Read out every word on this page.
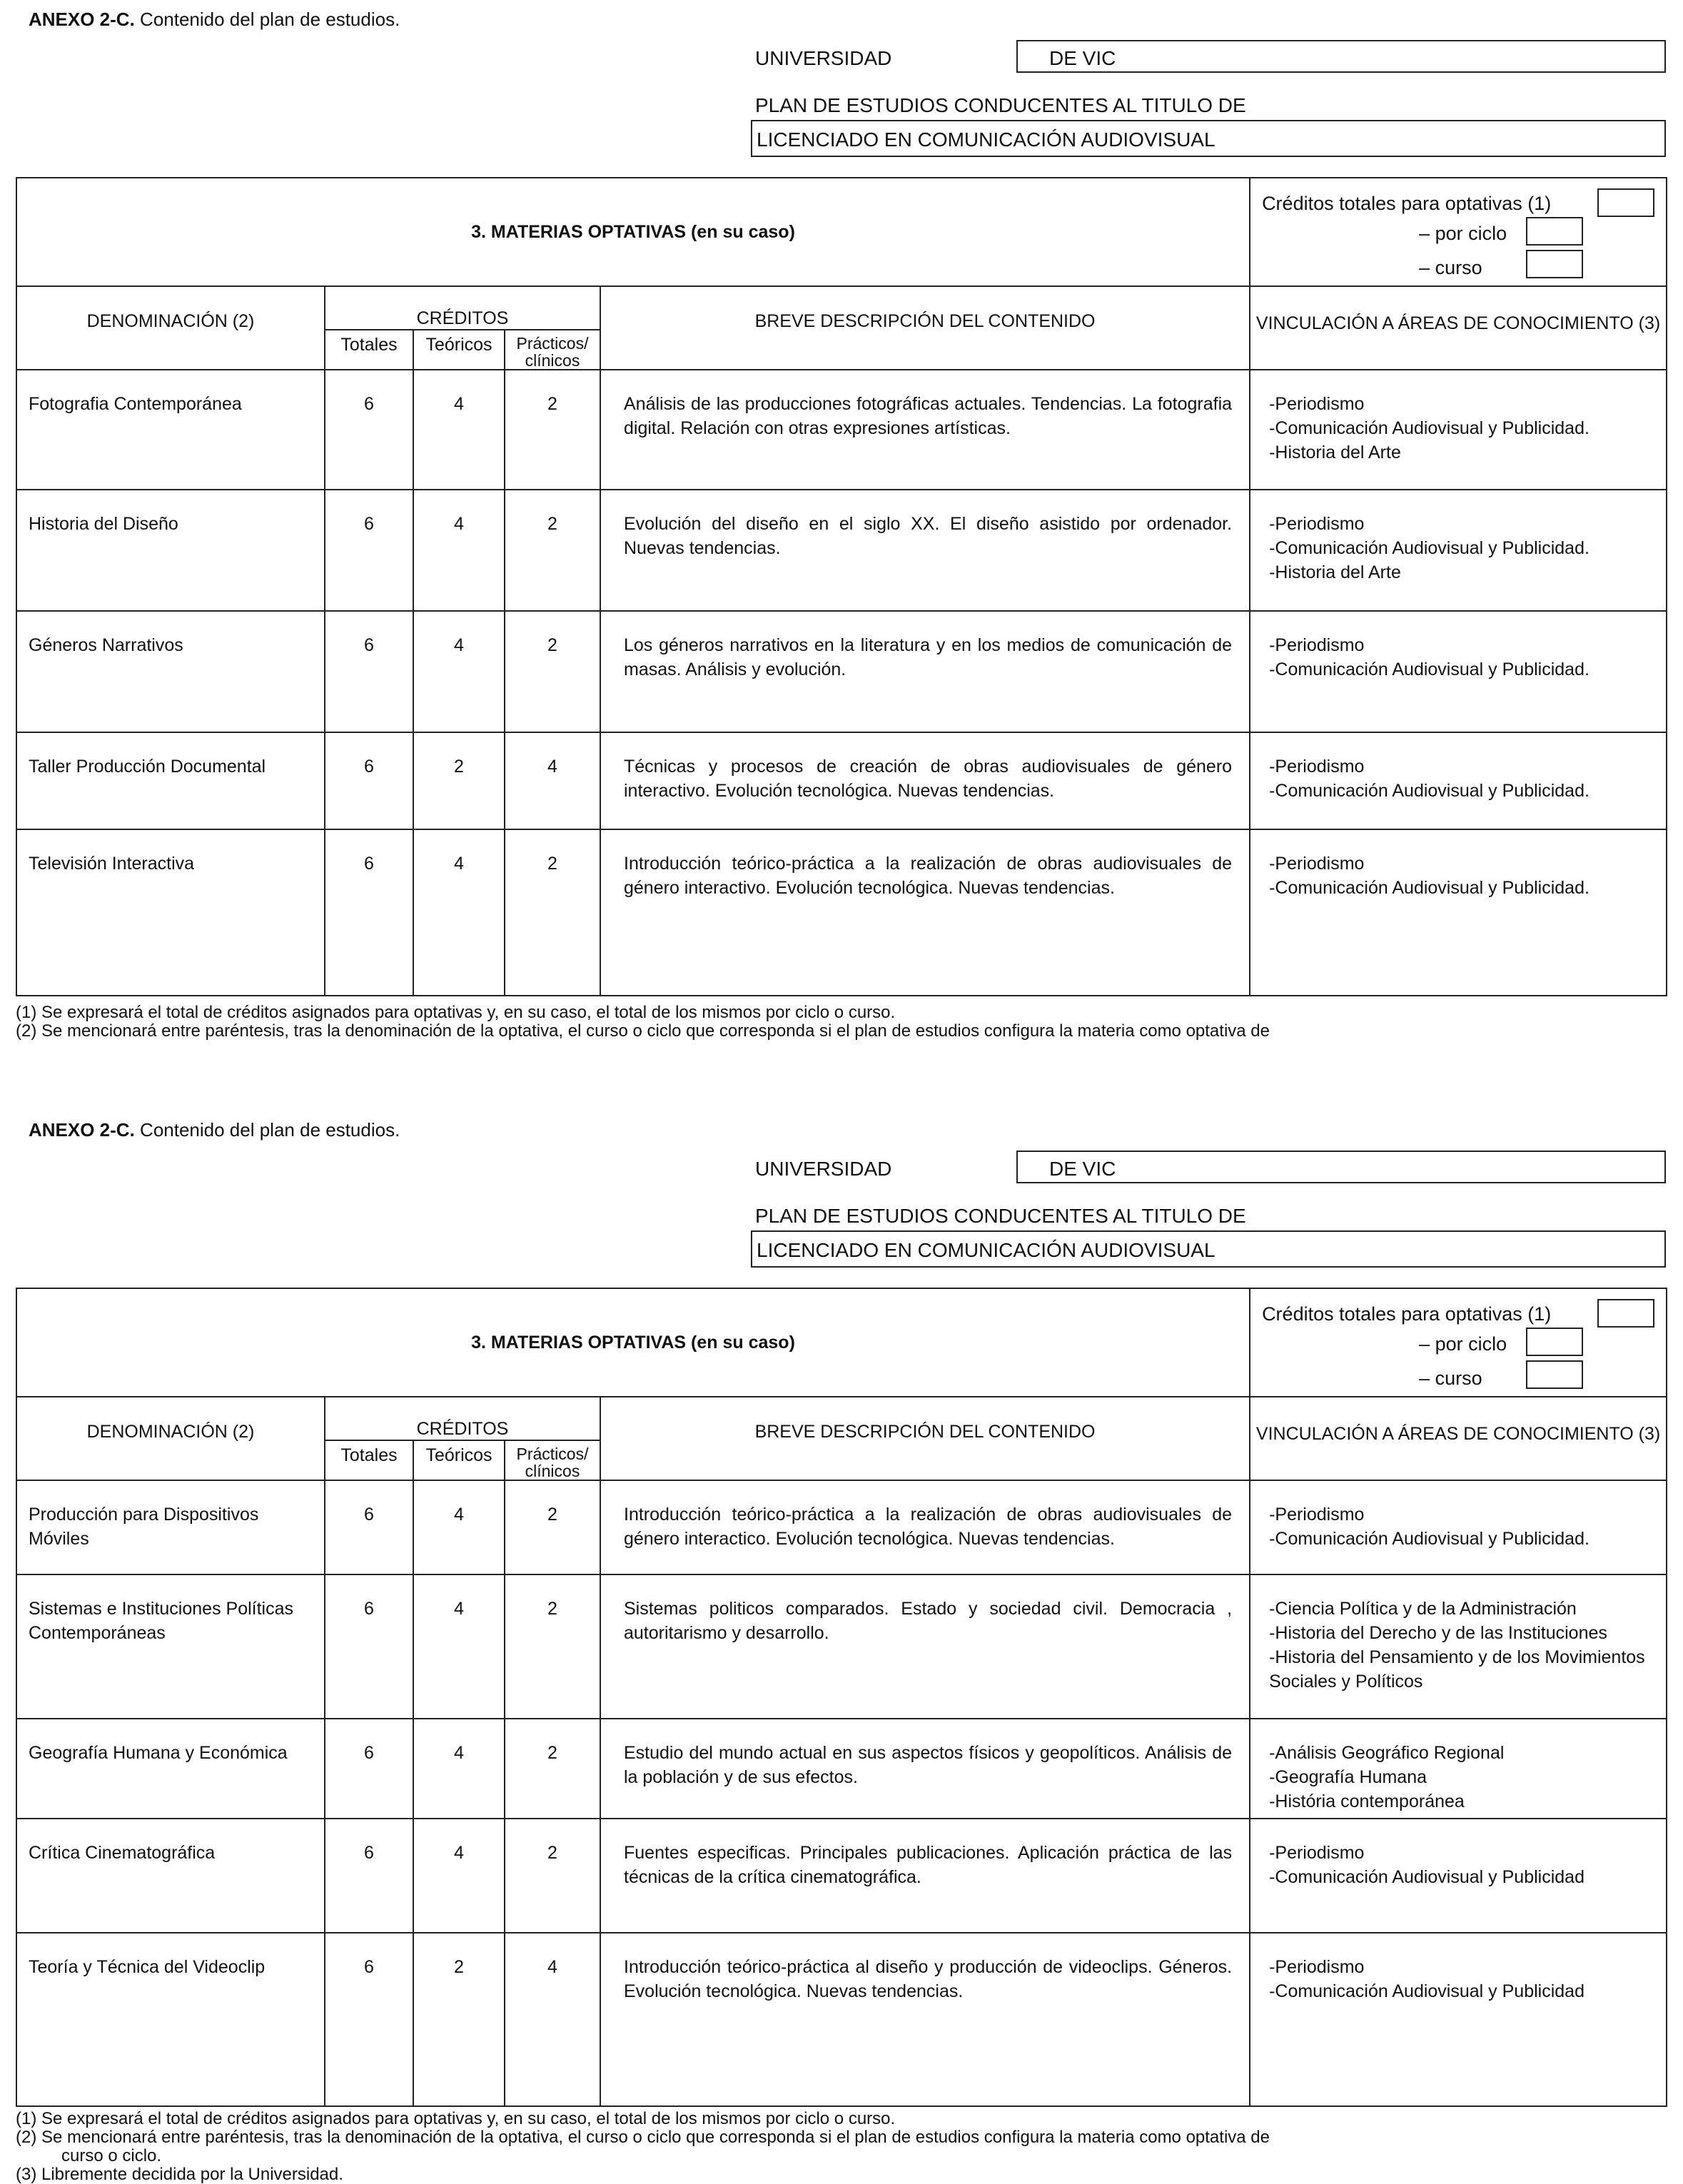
ANEXO 2-C. Contenido del plan de estudios.
UNIVERSIDAD	DE VIC
PLAN DE ESTUDIOS CONDUCENTES AL TITULO DE
LICENCIADO EN COMUNICACIÓN AUDIOVISUAL
3. MATERIAS OPTATIVAS (en su caso)					Créditos totales para optativas (1)
– por ciclo
– curso

DENOMINACIÓN (2)	CRÉDITOS			BREVE DESCRIPCIÓN DEL CONTENIDO	VINCULACIÓN A ÁREAS DE CONOCIMIENTO (3)
	Totales	Teóricos	Prácticos/ clínicos		
Fotografia Contemporánea	6	4	2	Análisis de las producciones fotográficas actuales. Tendencias. La fotografia digital. Relación con otras expresiones artísticas.	-Periodismo
-Comunicación Audiovisual y Publicidad.
-Historia del Arte

Historia del Diseño	6	4	2	Evolución del diseño en el siglo XX. El diseño asistido por ordenador. Nuevas tendencias.	-Periodismo
-Comunicación Audiovisual y Publicidad.
-Historia del Arte

Géneros Narrativos	6	4	2	Los géneros narrativos en la literatura y en los medios de comunicación de masas. Análisis y evolución.	-Periodismo
-Comunicación Audiovisual y Publicidad.

Taller Producción Documental	6	2	4	Técnicas y procesos de creación de obras audiovisuales de género interactivo. Evolución tecnológica. Nuevas tendencias.	-Periodismo
-Comunicación Audiovisual y Publicidad.

Televisión Interactiva	6	4	2	Introducción teórico-práctica a la realización de obras audiovisuales de género interactivo. Evolución tecnológica. Nuevas tendencias.	-Periodismo
-Comunicación Audiovisual y Publicidad.
(1) Se expresará el total de créditos asignados para optativas y, en su caso, el total de los mismos por ciclo o curso.
(2) Se mencionará entre paréntesis, tras la denominación de la optativa, el curso o ciclo que corresponda si el plan de estudios configura la materia como optativa de
ANEXO 2-C. Contenido del plan de estudios.
UNIVERSIDAD	DE VIC
PLAN DE ESTUDIOS CONDUCENTES AL TITULO DE
LICENCIADO EN COMUNICACIÓN AUDIOVISUAL
3. MATERIAS OPTATIVAS (en su caso)					Créditos totales para optativas (1)
– por ciclo
– curso

DENOMINACIÓN (2)	CRÉDITOS			BREVE DESCRIPCIÓN DEL CONTENIDO	VINCULACIÓN A ÁREAS DE CONOCIMIENTO (3)
	Totales	Teóricos	Prácticos/ clínicos		
Producción para Dispositivos Móviles	6	4	2	Introducción teórico-práctica a la realización de obras audiovisuales de género interactico. Evolución tecnológica. Nuevas tendencias.	-Periodismo
-Comunicación Audiovisual y Publicidad.

Sistemas e Instituciones Políticas Contemporáneas	6	4	2	Sistemas politicos comparados. Estado y sociedad civil. Democracia , autoritarismo y desarrollo.	-Ciencia Política y de la Administración
-Historia del Derecho y de las Instituciones
-Historia del Pensamiento y de los Movimientos Sociales y Políticos

Geografía Humana y Económica	6	4	2	Estudio del mundo actual en sus aspectos físicos y geopolíticos. Análisis de la población y de sus efectos.	-Análisis Geográfico Regional
-Geografía Humana
-História contemporánea

Crítica Cinematográfica	6	4	2	Fuentes especificas. Principales publicaciones. Aplicación práctica de las técnicas de la crítica cinematográfica.	-Periodismo
-Comunicación Audiovisual y Publicidad

Teoría y Técnica del Videoclip	6	2	4	Introducción teórico-práctica al diseño y producción de videoclips. Géneros. Evolución tecnológica. Nuevas tendencias.	-Periodismo
-Comunicación Audiovisual y Publicidad
(1) Se expresará el total de créditos asignados para optativas y, en su caso, el total de los mismos por ciclo o curso.
(2) Se mencionará entre paréntesis, tras la denominación de la optativa, el curso o ciclo que corresponda si el plan de estudios configura la materia como optativa de
curso o ciclo.
(3) Libremente decidida por la Universidad.
